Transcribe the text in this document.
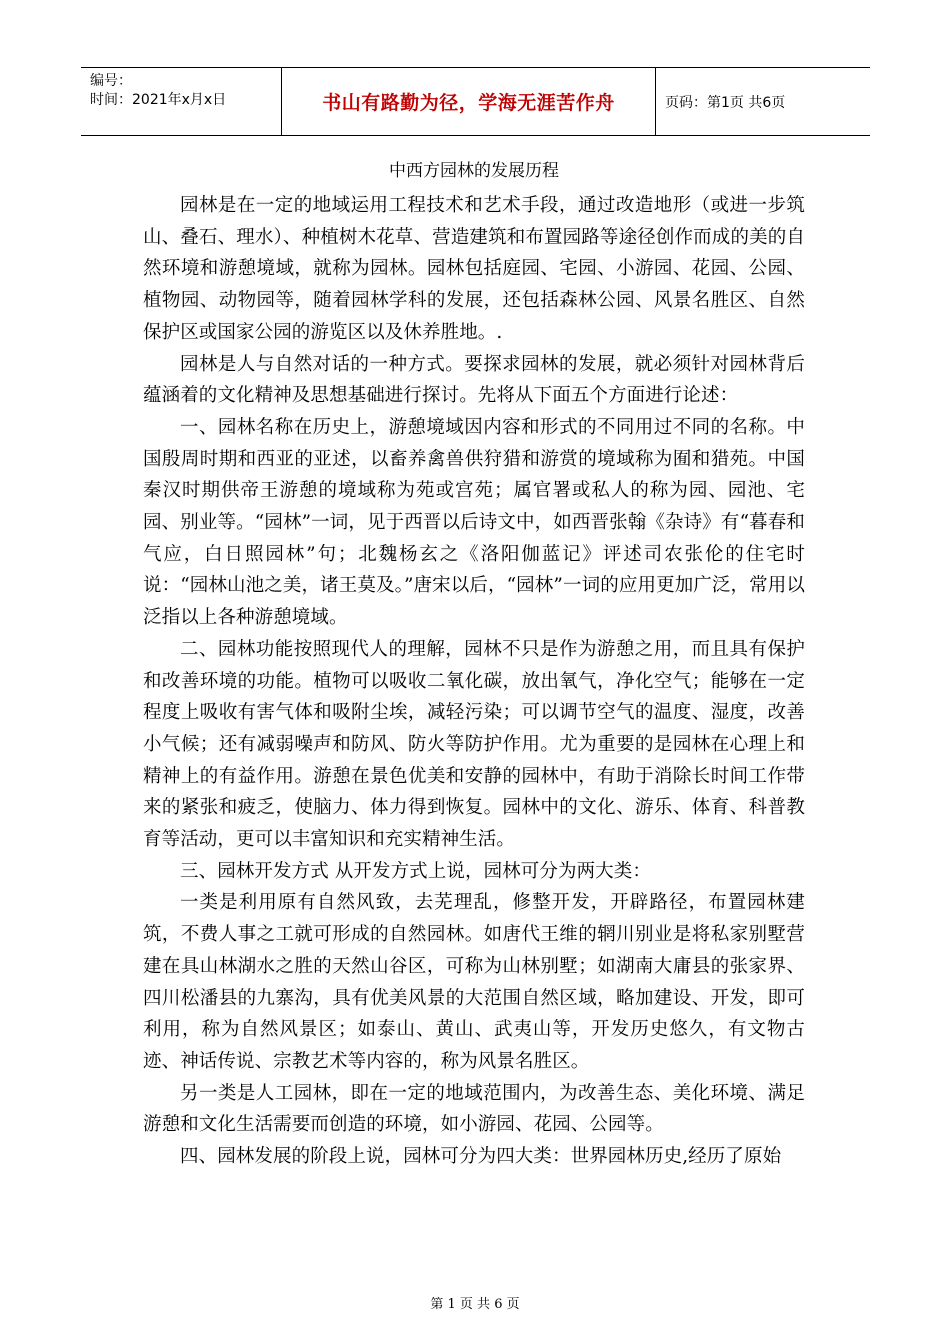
编号：
时间：2021年x月x日	书山有路勤为径，学海无涯苦作舟	页码：第1页 共6页
中西方园林的发展历程

园林是在一定的地域运用工程技术和艺术手段，通过改造地形（或进一步筑山、叠石、理水）、种植树木花草、营造建筑和布置园路等途径创作而成的美的自然环境和游憩境域，就称为园林。园林包括庭园、宅园、小游园、花园、公园、植物园、动物园等，随着园林学科的发展，还包括森林公园、风景名胜区、自然保护区或国家公园的游览区以及休养胜地。.

园林是人与自然对话的一种方式。要探求园林的发展，就必须针对园林背后蕴涵着的文化精神及思想基础进行探讨。先将从下面五个方面进行论述：

一、园林名称在历史上，游憩境域因内容和形式的不同用过不同的名称。中国殷周时期和西亚的亚述，以畜养禽兽供狩猎和游赏的境域称为囿和猎苑。中国秦汉时期供帝王游憩的境域称为苑或宫苑；属官署或私人的称为园、园池、宅园、别业等。“园林”一词，见于西晋以后诗文中，如西晋张翰《杂诗》有“暮春和气应，白日照园林”句；北魏杨玄之《洛阳伽蓝记》评述司农张伦的住宅时说：“园林山池之美，诸王莫及。”唐宋以后，“园林”一词的应用更加广泛，常用以泛指以上各种游憩境域。

二、园林功能按照现代人的理解，园林不只是作为游憩之用，而且具有保护和改善环境的功能。植物可以吸收二氧化碳，放出氧气，净化空气；能够在一定程度上吸收有害气体和吸附尘埃，减轻污染；可以调节空气的温度、湿度，改善小气候；还有减弱噪声和防风、防火等防护作用。尤为重要的是园林在心理上和精神上的有益作用。游憩在景色优美和安静的园林中，有助于消除长时间工作带来的紧张和疲乏，使脑力、体力得到恢复。园林中的文化、游乐、体育、科普教育等活动，更可以丰富知识和充实精神生活。

三、园林开发方式 从开发方式上说，园林可分为两大类：

一类是利用原有自然风致，去芜理乱，修整开发，开辟路径，布置园林建筑，不费人事之工就可形成的自然园林。如唐代王维的辋川别业是将私家别墅营建在具山林湖水之胜的天然山谷区，可称为山林别墅；如湖南大庸县的张家界、四川松潘县的九寨沟，具有优美风景的大范围自然区域，略加建设、开发，即可利用，称为自然风景区；如泰山、黄山、武夷山等，开发历史悠久，有文物古迹、神话传说、宗教艺术等内容的，称为风景名胜区。

另一类是人工园林，即在一定的地域范围内，为改善生态、美化环境、满足游憩和文化生活需要而创造的环境，如小游园、花园、公园等。

四、园林发展的阶段上说，园林可分为四大类：世界园林历史,经历了原始

第 1 页 共 6 页
